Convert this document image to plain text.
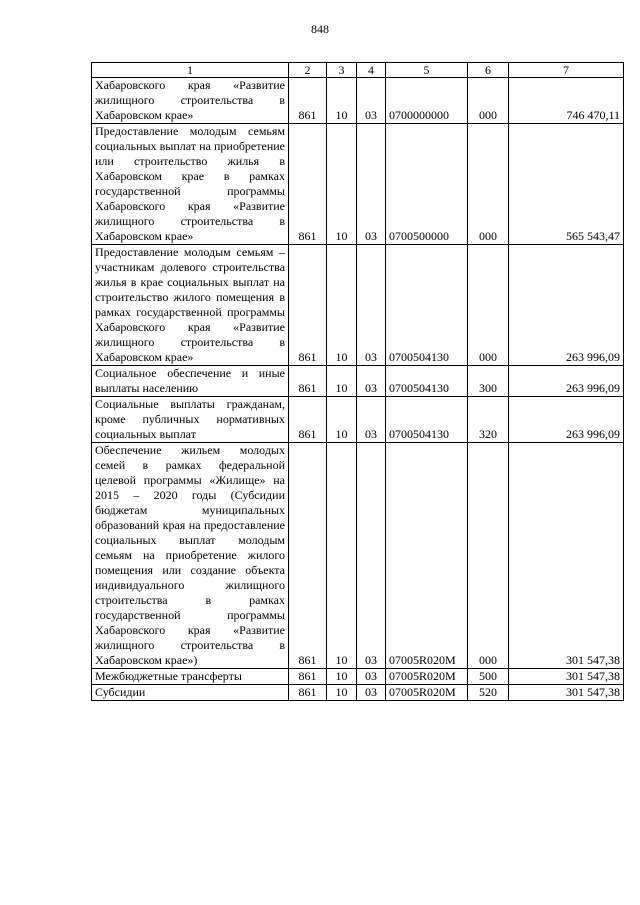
848
1	2	3	4	5	6	7
Хабаровского края «Развитие жилищного строительства в Хабаровском крае»	861	10	03	0700000000	000	746 470,11
Предоставление молодым семьям социальных выплат на приобретение или строительство жилья в Хабаровском крае в рамках государственной программы Хабаровского края «Развитие жилищного строительства в Хабаровском крае»	861	10	03	0700500000	000	565 543,47
Предоставление молодым семьям – участникам долевого строительства жилья в крае социальных выплат на строительство жилого помещения в рамках государственной программы Хабаровского края «Развитие жилищного строительства в Хабаровском крае»	861	10	03	0700504130	000	263 996,09
Социальное обеспечение и иные выплаты населению	861	10	03	0700504130	300	263 996,09
Социальные выплаты гражданам, кроме публичных нормативных социальных выплат	861	10	03	0700504130	320	263 996,09
Обеспечение жильем молодых семей в рамках федеральной целевой программы «Жилище» на 2015 – 2020 годы (Субсидии бюджетам муниципальных образований края на предоставление социальных выплат молодым семьям на приобретение жилого помещения или создание объекта индивидуального жилищного строительства в рамках государственной программы Хабаровского края «Развитие жилищного строительства в Хабаровском крае»)	861	10	03	07005R020M	000	301 547,38
Межбюджетные трансферты	861	10	03	07005R020M	500	301 547,38
Субсидии	861	10	03	07005R020M	520	301 547,38
